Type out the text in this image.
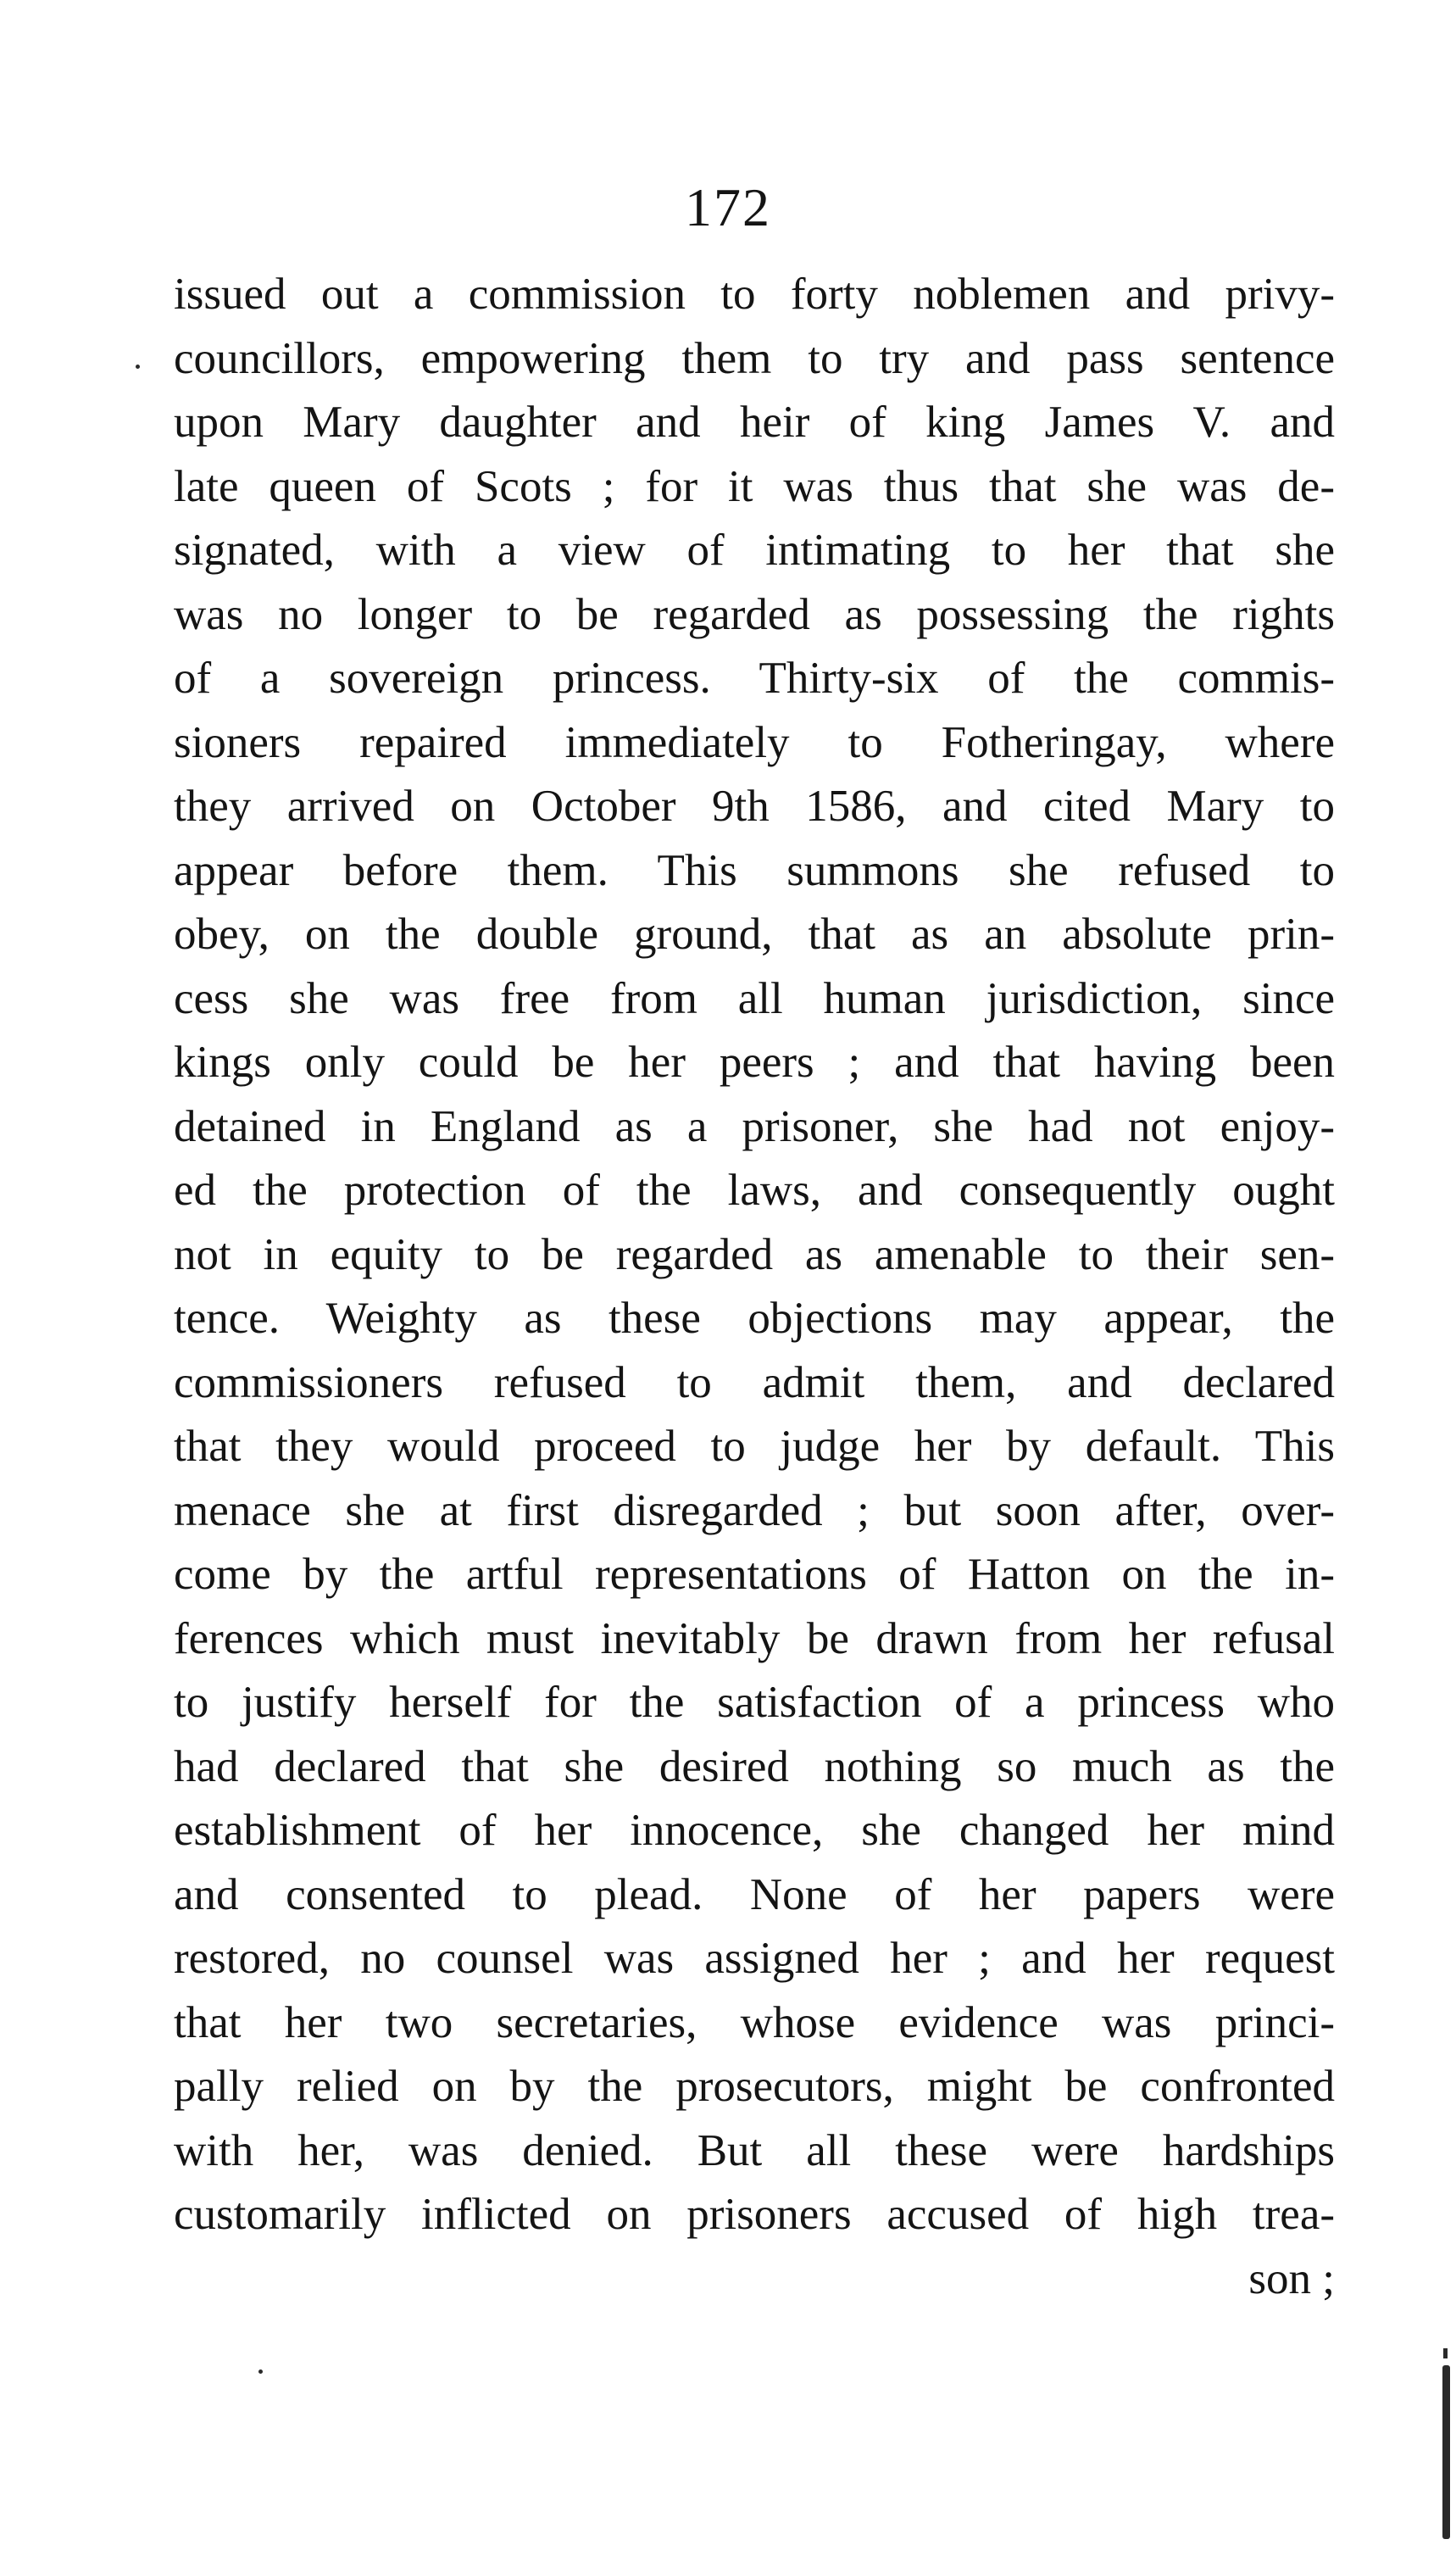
172
issued out a commission to forty noblemen and privy-
councillors, empowering them to try and pass sentence
upon Mary daughter and heir of king James V. and
late queen of Scots ; for it was thus that she was de-
signated, with a view of intimating to her that she
was no longer to be regarded as possessing the rights
of a sovereign princess. Thirty-six of the commis-
sioners repaired immediately to Fotheringay, where
they arrived on October 9th 1586, and cited Mary to
appear before them. This summons she refused to
obey, on the double ground, that as an absolute prin-
cess she was free from all human jurisdiction, since
kings only could be her peers ; and that having been
detained in England as a prisoner, she had not enjoy-
ed the protection of the laws, and consequently ought
not in equity to be regarded as amenable to their sen-
tence. Weighty as these objections may appear, the
commissioners refused to admit them, and declared
that they would proceed to judge her by default. This
menace she at first disregarded ; but soon after, over-
come by the artful representations of Hatton on the in-
ferences which must inevitably be drawn from her refusal
to justify herself for the satisfaction of a princess who
had declared that she desired nothing so much as the
establishment of her innocence, she changed her mind
and consented to plead. None of her papers were
restored, no counsel was assigned her ; and her request
that her two secretaries, whose evidence was princi-
pally relied on by the prosecutors, might be confronted
with her, was denied. But all these were hardships
customarily inflicted on prisoners accused of high trea-
son ;
